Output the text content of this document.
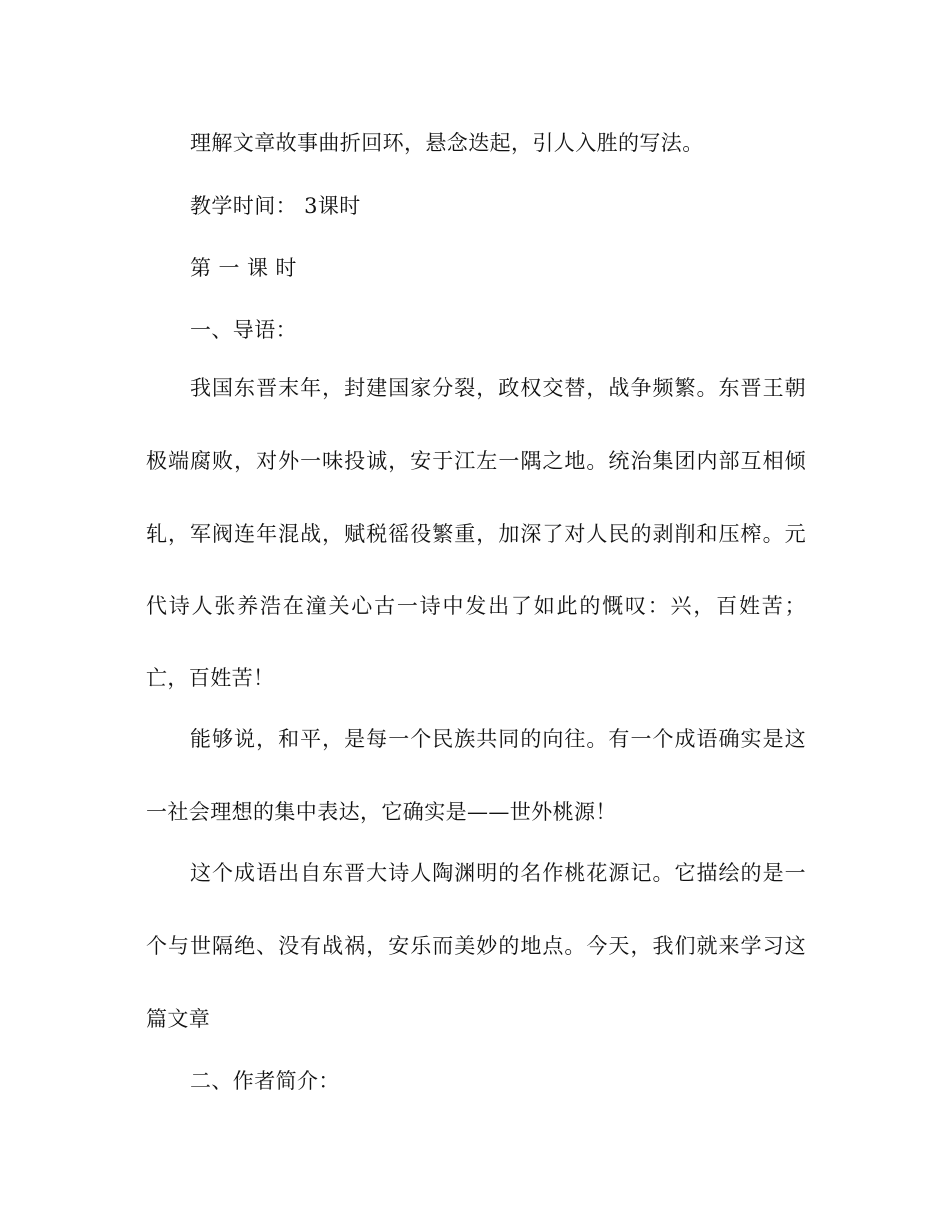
理解文章故事曲折回环，悬念迭起，引人入胜的写法。
教学时间： 3课时
第 一 课 时
一、导语：
我国东晋末年，封建国家分裂，政权交替，战争频繁。东晋王朝
极端腐败，对外一味投诚，安于江左一隅之地。统治集团内部互相倾
轧，军阀连年混战，赋税徭役繁重，加深了对人民的剥削和压榨。元
代诗人张养浩在潼关心古一诗中发出了如此的慨叹：兴，百姓苦；
亡，百姓苦！
能够说，和平，是每一个民族共同的向往。有一个成语确实是这
一社会理想的集中表达，它确实是——世外桃源！
这个成语出自东晋大诗人陶渊明的名作桃花源记。它描绘的是一
个与世隔绝、没有战祸，安乐而美妙的地点。今天，我们就来学习这
篇文章
二、作者简介：
